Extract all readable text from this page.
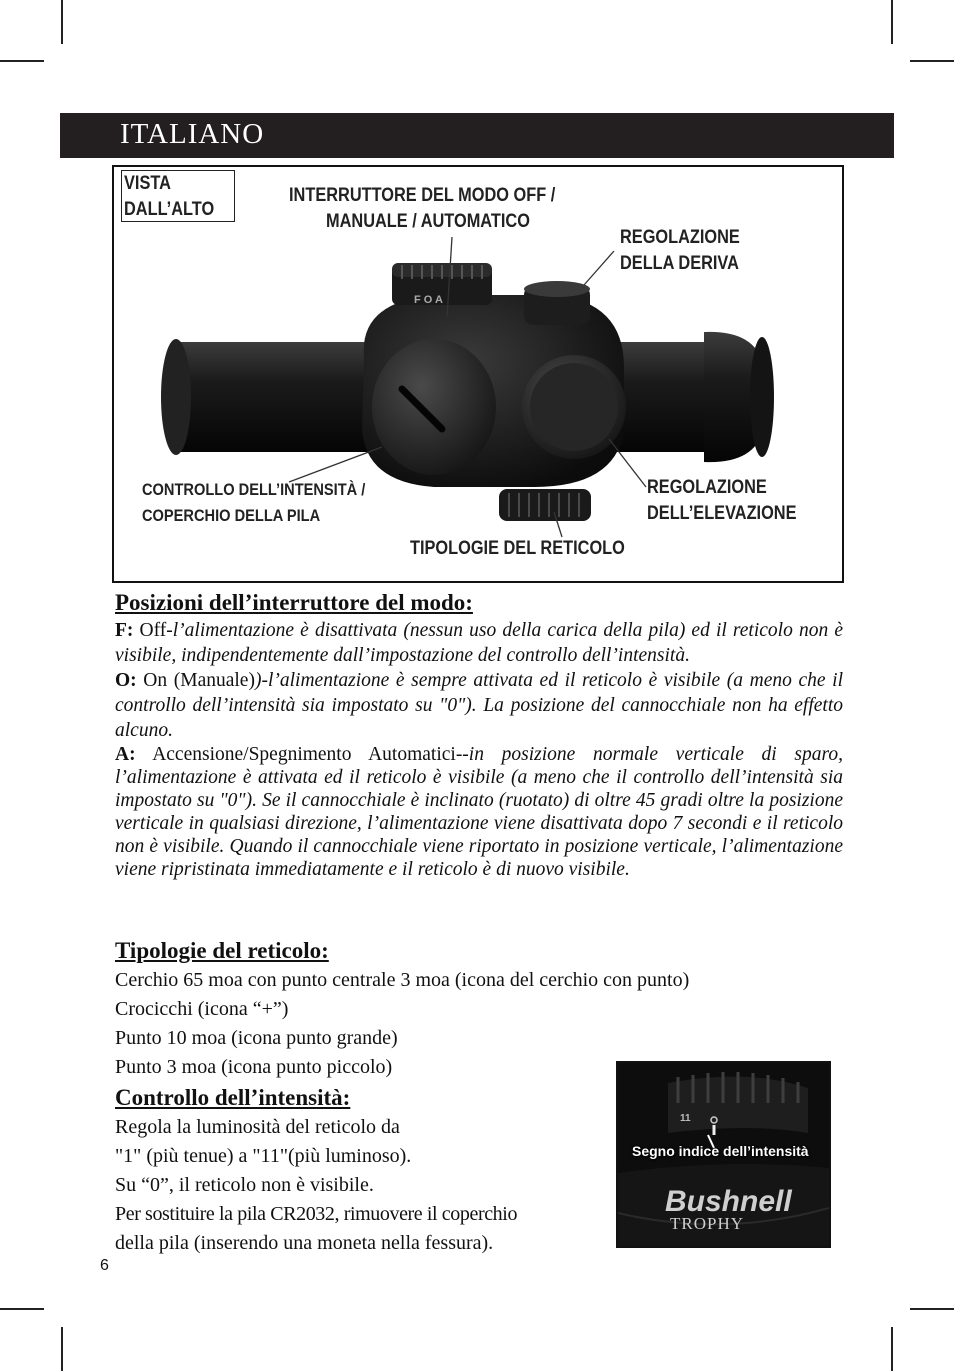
ITALIANO
F O A
VISTA
DALL’ALTO
INTERRUTTORE DEL MODO OFF /
MANUALE / AUTOMATICO
REGOLAZIONE
DELLA DERIVA
CONTROLLO DELL’INTENSITÀ /
COPERCHIO DELLA PILA
REGOLAZIONE
DELL’ELEVAZIONE
TIPOLOGIE DEL RETICOLO
Posizioni dell’interruttore del modo:
F: Off-l’alimentazione è disattivata (nessun uso della carica della pila) ed il reticolo non è visibile, indipendentemente dall’impostazione del controllo dell’intensità.
O: On (Manuale))-l’alimentazione è sempre attivata ed il reticolo è visibile (a meno che il controllo dell’intensità sia impostato su "0"). La posizione del cannocchiale non ha effetto alcuno.
A: Accensione/Spegnimento Automatici--in posizione normale verticale di sparo, l’alimentazione è attivata ed il reticolo è visibile (a meno che il controllo dell’intensità sia impostato su "0"). Se il cannocchiale è inclinato (ruotato) di oltre 45 gradi oltre la posizione verticale in qualsiasi direzione, l’alimentazione viene disattivata dopo 7 secondi e il reticolo non è visibile. Quando il cannocchiale viene riportato in posizione verticale, l’alimentazione viene ripristinata immediatamente e il reticolo è di nuovo visibile.
Tipologie del reticolo:
Cerchio 65 moa con punto centrale 3 moa (icona del cerchio con punto)
Crocicchi (icona “+”)
Punto 10 moa (icona punto grande)
Punto 3 moa (icona punto piccolo)
Controllo dell’intensità:
Regola la luminosità del reticolo da
"1" (più tenue) a "11"(più luminoso).
Su “0”, il reticolo non è visibile.
Per sostituire la pila CR2032, rimuovere il coperchio
della pila (inserendo una moneta nella fessura).
11
Bushnell
TROPHY
Segno indice dell’intensità
6
